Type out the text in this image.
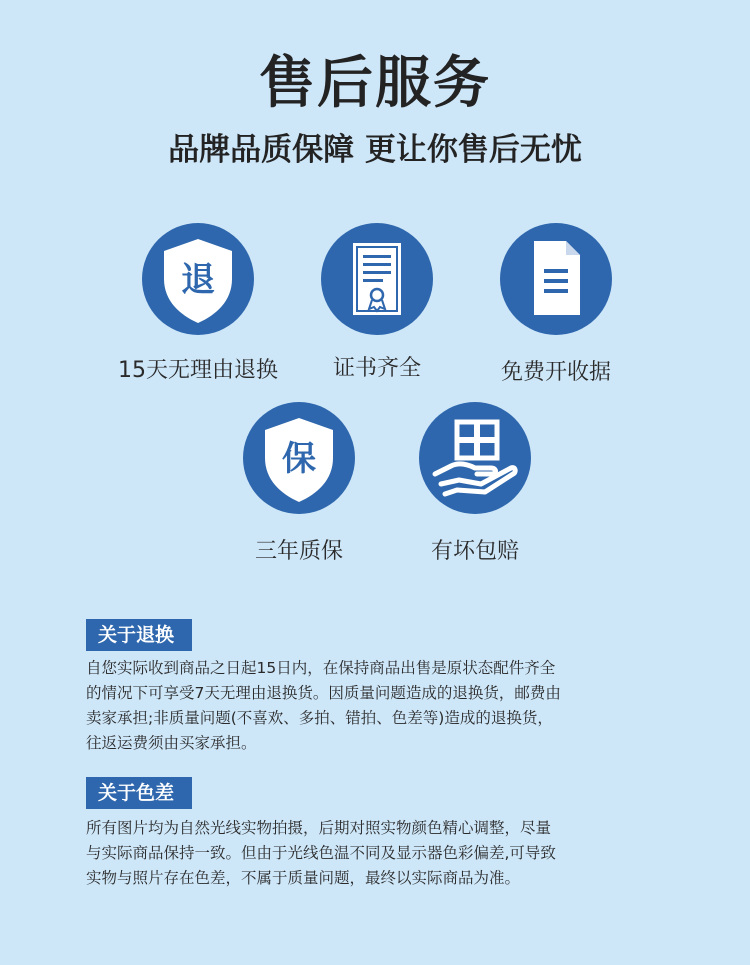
售后服务
品牌品质保障 更让你售后无忧
退
15天无理由退换	证书齐全	免费开收据
保
三年质保	有坏包赔
关于退换
自您实际收到商品之日起15日内，在保持商品出售是原状态配件齐全
的情况下可享受7天无理由退换货。因质量问题造成的退换货，邮费由
卖家承担;非质量问题(不喜欢、多拍、错拍、色差等)造成的退换货，
往返运费须由买家承担。
关于色差
所有图片均为自然光线实物拍摄，后期对照实物颜色精心调整，尽量
与实际商品保持一致。但由于光线色温不同及显示器色彩偏差,可导致
实物与照片存在色差，不属于质量问题，最终以实际商品为准。
